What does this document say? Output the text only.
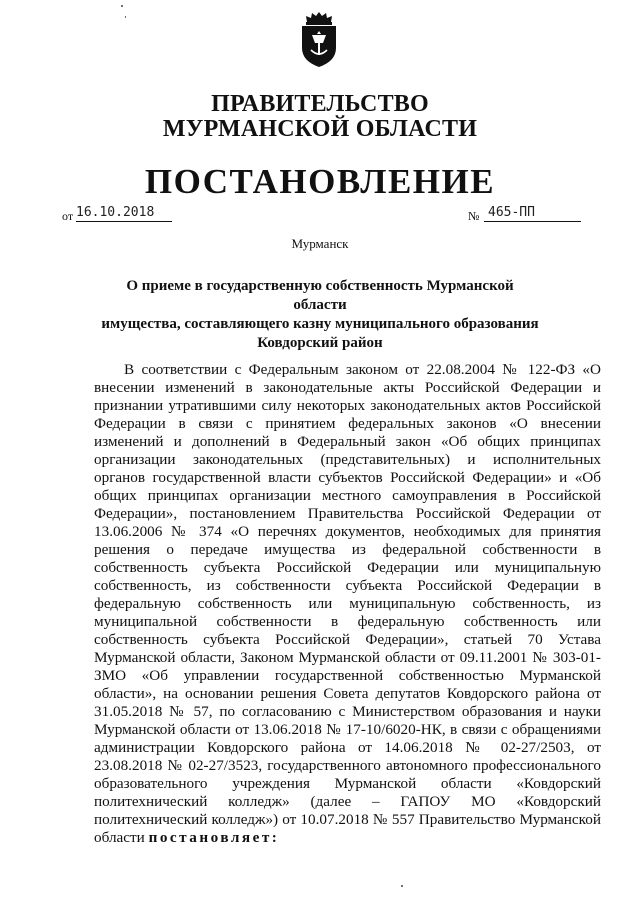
ПРАВИТЕЛЬСТВО
МУРМАНСКОЙ ОБЛАСТИ
ПОСТАНОВЛЕНИЕ
от 16.10.2018	№ 465-ПП
Мурманск
О приеме в государственную собственность Мурманской области
имущества, составляющего казну муниципального образования
Ковдорский район

В соответствии с Федеральным законом от 22.08.2004 № 122-ФЗ «О внесении изменений в законодательные акты Российской Федерации и признании утратившими силу некоторых законодательных актов Российской Федерации в связи с принятием федеральных законов «О внесении изменений и дополнений в Федеральный закон «Об общих принципах организации законодательных (представительных) и исполнительных органов государственной власти субъектов Российской Федерации» и «Об общих принципах организации местного самоуправления в Российской Федерации», постановлением Правительства Российской Федерации от 13.06.2006 № 374 «О перечнях документов, необходимых для принятия решения о передаче имущества из федеральной собственности в собственность субъекта Российской Федерации или муниципальную собственность, из собственности субъекта Российской Федерации в федеральную собственность или муниципальную собственность, из муниципальной собственности в федеральную собственность или собственность субъекта Российской Федерации», статьей 70 Устава Мурманской области, Законом Мурманской области от 09.11.2001 № 303-01-ЗМО «Об управлении государственной собственностью Мурманской области», на основании решения Совета депутатов Ковдорского района от 31.05.2018 № 57, по согласованию с Министерством образования и науки Мурманской области от 13.06.2018 № 17-10/6020-НК, в связи с обращениями администрации Ковдорского района от 14.06.2018 № 02-27/2503, от 23.08.2018 № 02-27/3523, государственного автономного профессионального образовательного учреждения Мурманской области «Ковдорский политехнический колледж» (далее – ГАПОУ МО «Ковдорский политехнический колледж») от 10.07.2018 № 557 Правительство Мурманской области постановляет:
